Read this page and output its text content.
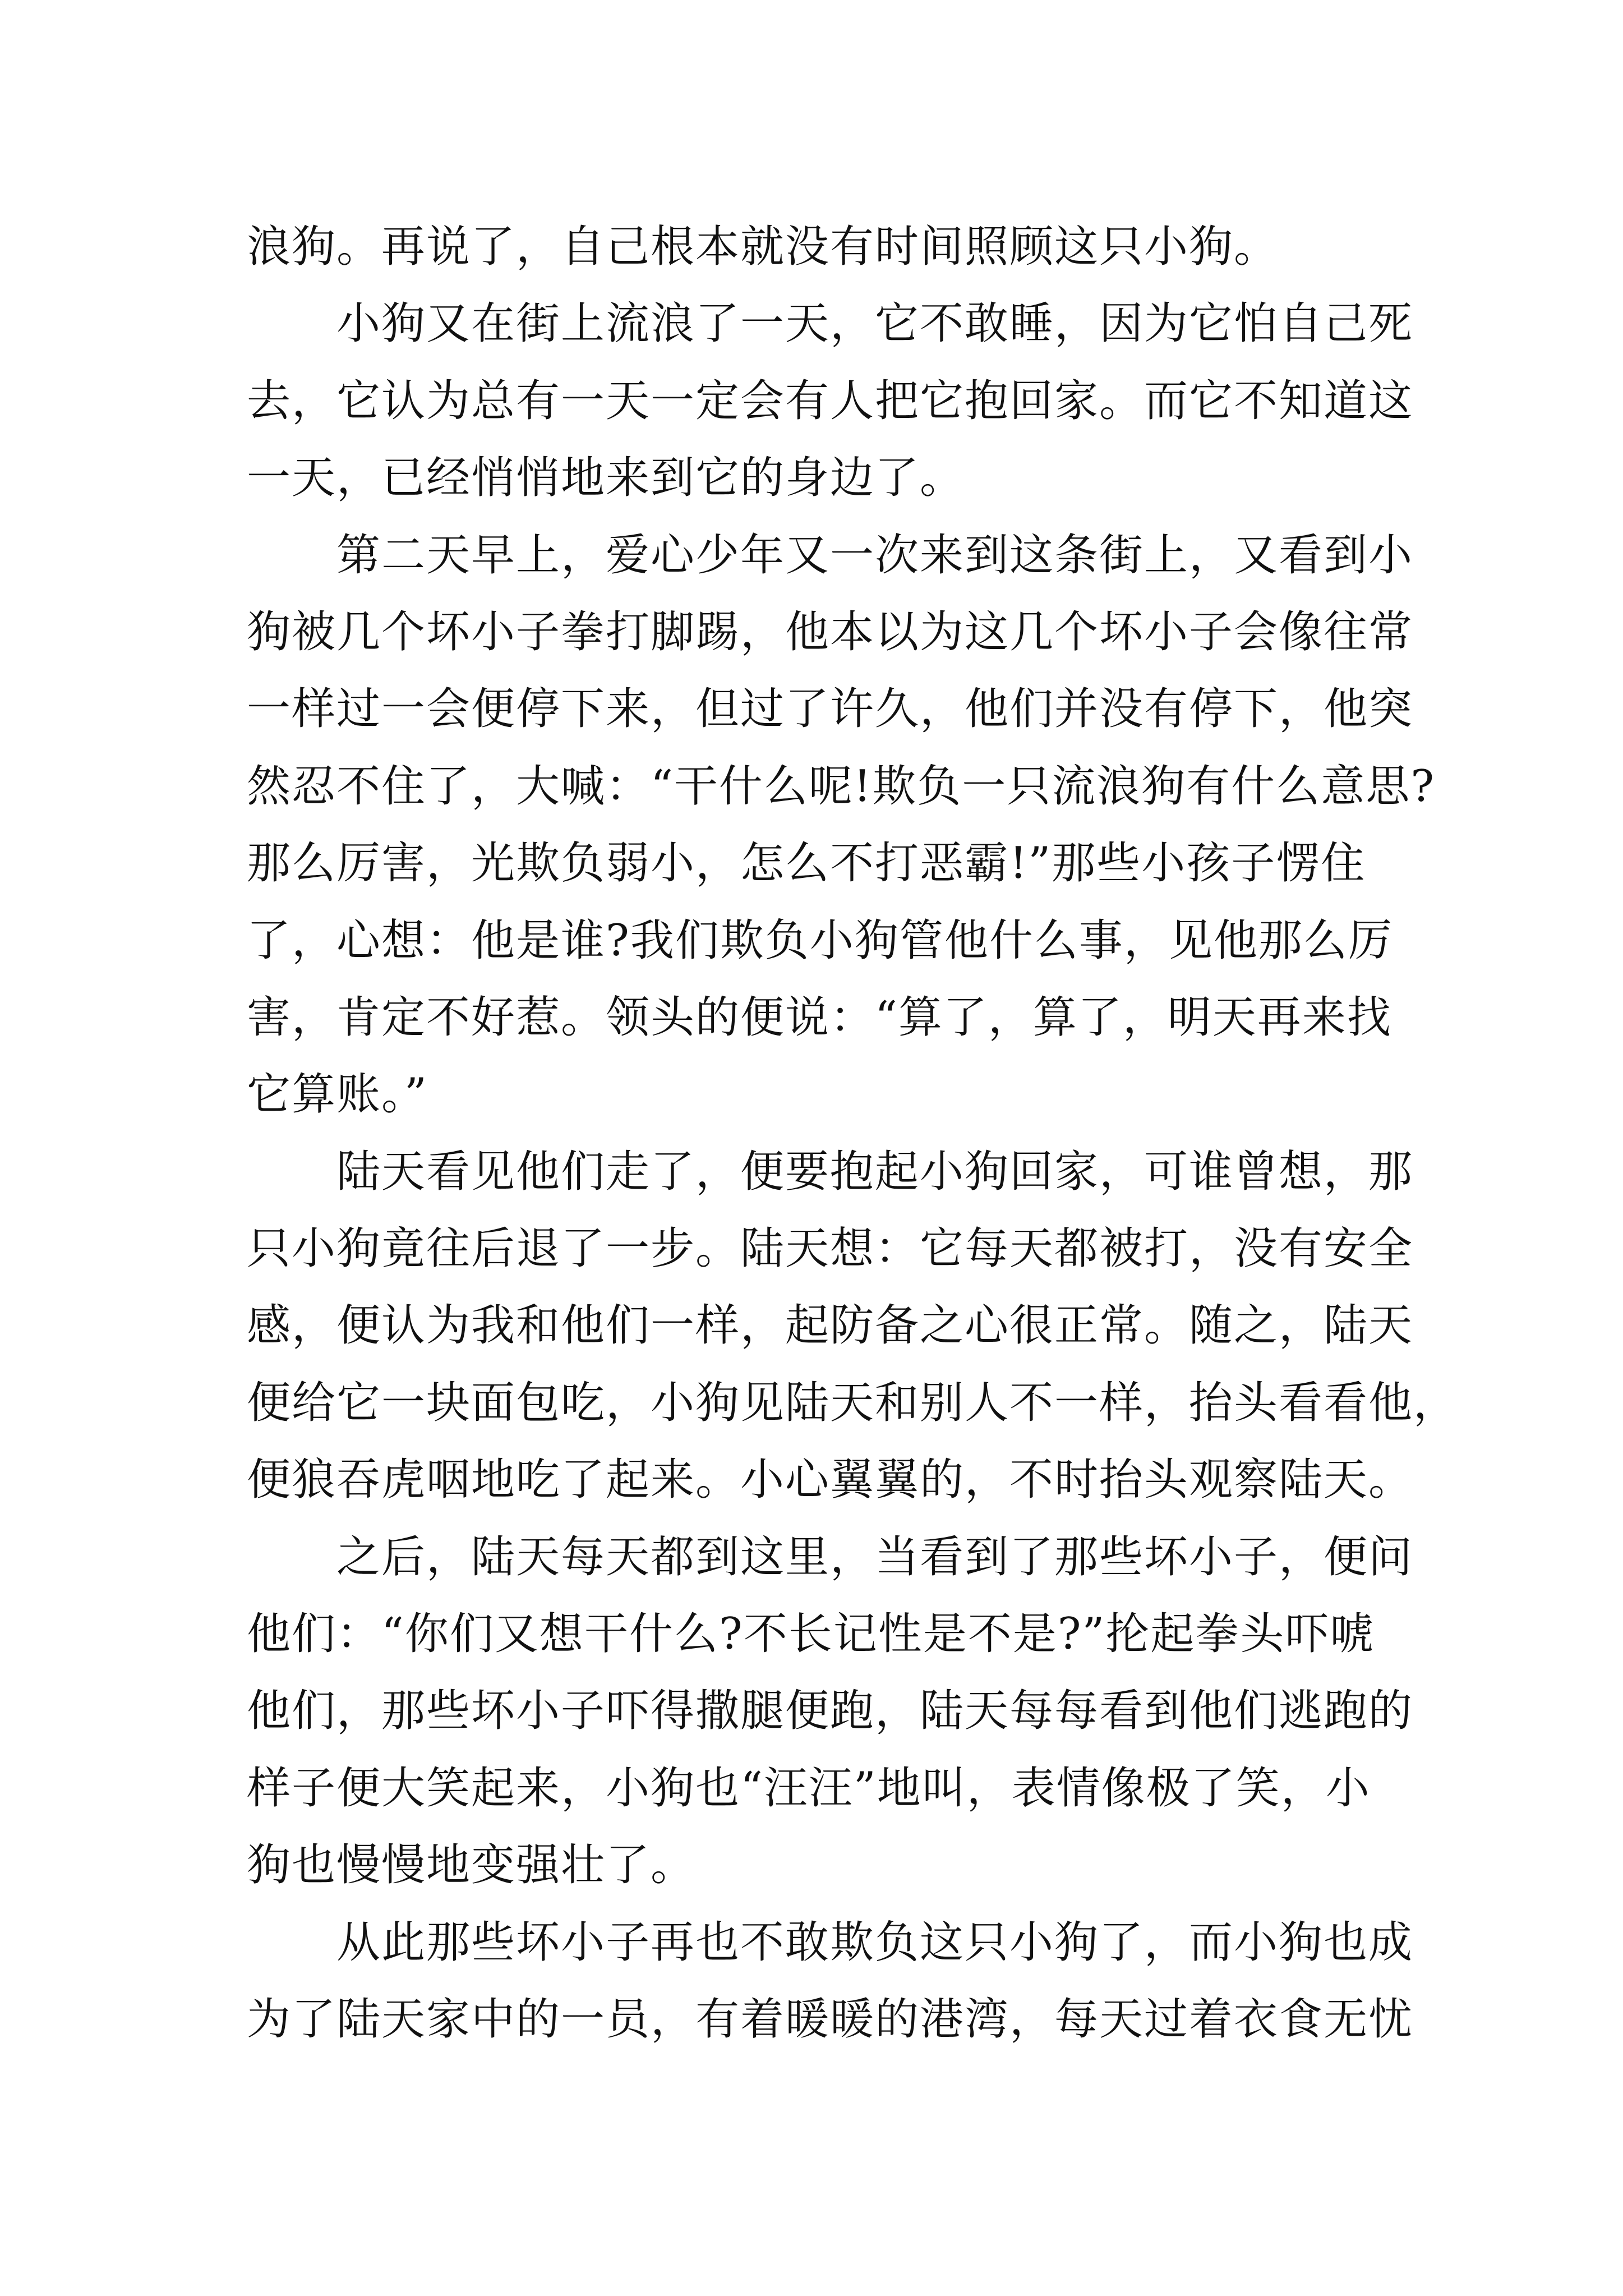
浪狗。再说了，自己根本就没有时间照顾这只小狗。
小狗又在街上流浪了一天，它不敢睡，因为它怕自己死
去，它认为总有一天一定会有人把它抱回家。而它不知道这
一天，已经悄悄地来到它的身边了。
第二天早上，爱心少年又一次来到这条街上，又看到小
狗被几个坏小子拳打脚踢，他本以为这几个坏小子会像往常
一样过一会便停下来，但过了许久，他们并没有停下，他突
然忍不住了，大喊：“干什么呢!欺负一只流浪狗有什么意思?
那么厉害，光欺负弱小，怎么不打恶霸!”那些小孩子愣住
了，心想：他是谁?我们欺负小狗管他什么事，见他那么厉
害，肯定不好惹。领头的便说：“算了，算了，明天再来找
它算账。”
陆天看见他们走了，便要抱起小狗回家，可谁曾想，那
只小狗竟往后退了一步。陆天想：它每天都被打，没有安全
感，便认为我和他们一样，起防备之心很正常。随之，陆天
便给它一块面包吃，小狗见陆天和别人不一样，抬头看看他，
便狼吞虎咽地吃了起来。小心翼翼的，不时抬头观察陆天。
之后，陆天每天都到这里，当看到了那些坏小子，便问
他们：“你们又想干什么?不长记性是不是?”抡起拳头吓唬
他们，那些坏小子吓得撒腿便跑，陆天每每看到他们逃跑的
样子便大笑起来，小狗也“汪汪”地叫，表情像极了笑，小
狗也慢慢地变强壮了。
从此那些坏小子再也不敢欺负这只小狗了，而小狗也成
为了陆天家中的一员，有着暖暖的港湾，每天过着衣食无忧
